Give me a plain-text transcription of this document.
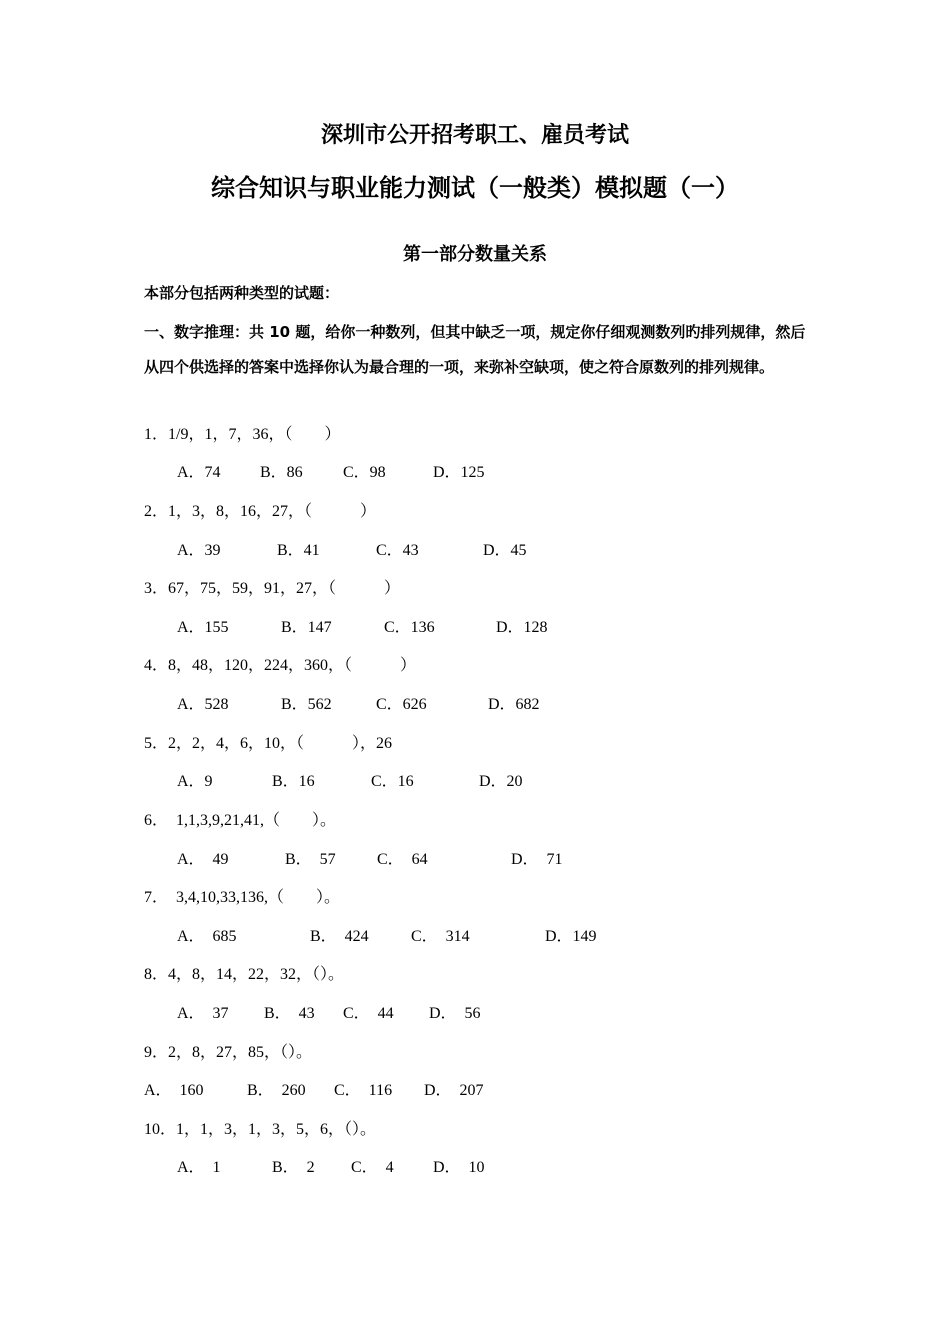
深圳市公开招考职工、雇员考试
综合知识与职业能力测试（一般类）模拟题（一）
第一部分数量关系
本部分包括两种类型的试题：
一、数字推理：共 10 题，给你一种数列，但其中缺乏一项，规定你仔细观测数列旳排列规律，然后从四个供选择的答案中选择你认为最合理的一项，来弥补空缺项，使之符合原数列的排列规律。
1．1/9，1，7，36，（        ）
A．74 B．86	C．98	D．125
2．1，3，8，16，27，（            ）
A．39	B．41	C．43	D．45
3．67，75，59，91，27，（            ）
A．155	B．147	C．136	D．128
4．8，48，120，224，360，（            ）
A．528	B．562	C．626	D．682
5．2，2，4，6，10，（            ），26
A．9	B．16	C．16	D．20
6．  1,1,3,9,21,41,（        ）。
A．  49	B．  57	C．  64	D．  71
7．  3,4,10,33,136,（        ）。
A．  685	B．  424	C．  314	D．149
8．4，8，14，22，32，（）。
A．  37 B．  43 C．  44 D．  56
9．2，8，27，85，（）。
A．  160	B．  260 C．  116 D．  207
10．1，1，3，1，3，5，6，（）。
A．  1	B．  2 C．  4 D．  10
